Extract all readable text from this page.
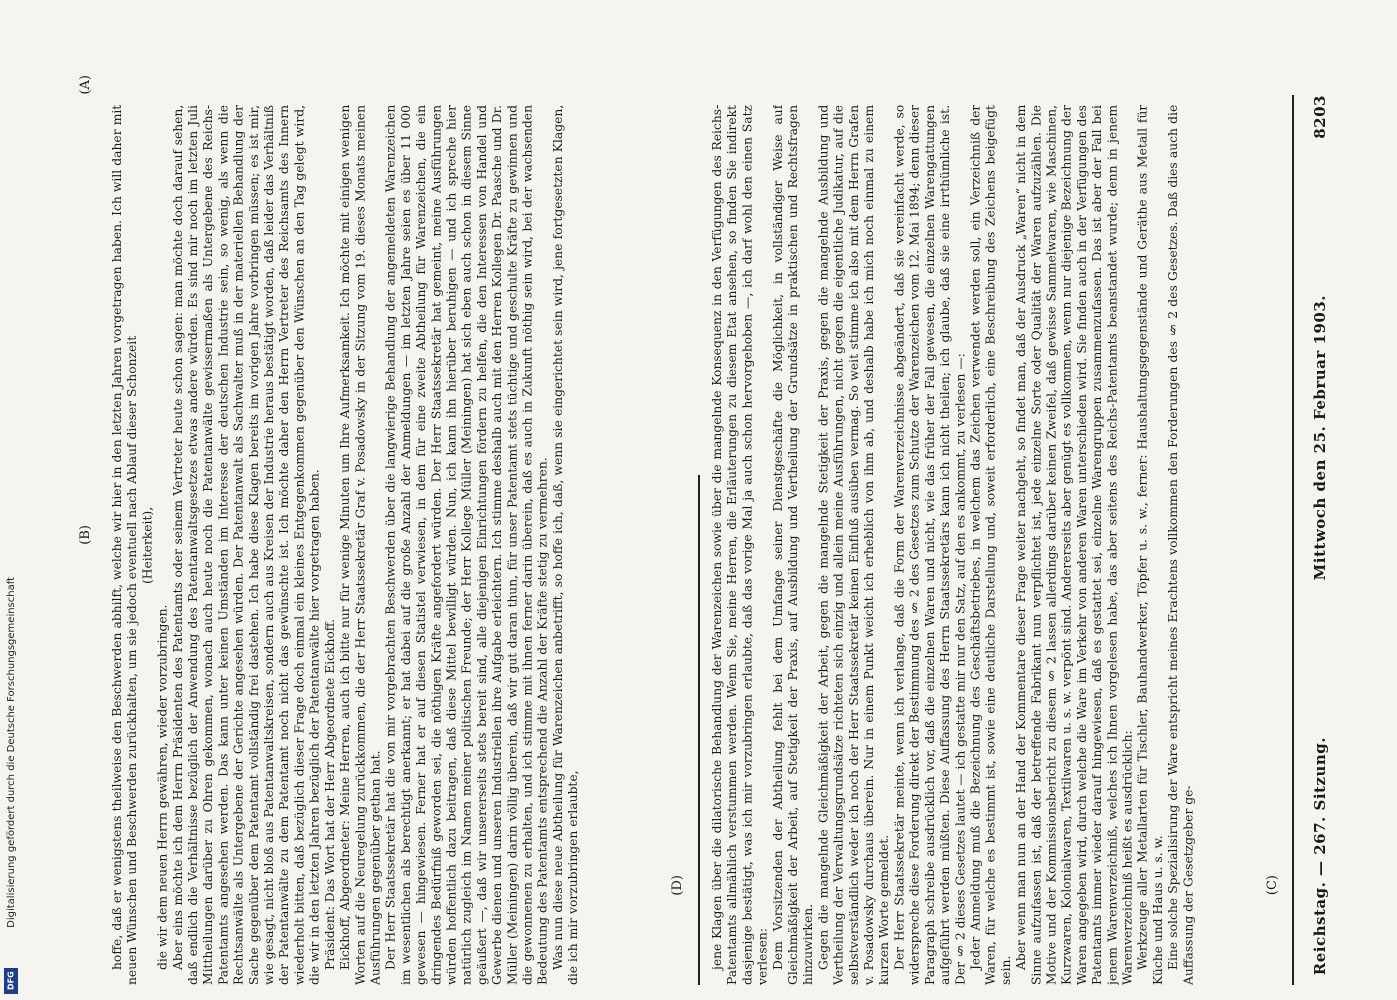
8203
Mittwoch den 25. Februar 1903.
Reichstag. — 267. Sitzung.

jene Klagen über die dilatorische Behandlung der Warenzeichen sowie über die mangelnde Konsequenz in den Verfügungen des Reichs-Patentamts allmählich verstummen werden. Wenn Sie, meine Herren, die Erläuterungen zu diesem Etat ansehen, so finden Sie indirekt dasjenige bestätigt, was ich mir vorzubringen erlaubte, daß das vorige Mal ja auch schon hervorgehoben —, ich darf wohl den einen Satz verlesen: Dem Vorsitzenden der Abtheilung fehlt bei dem Umfange seiner Dienstgeschäfte die Möglichkeit, in vollständiger Weise auf Gleichmäßigkeit der Arbeit, auf Stetigkeit der Praxis, auf Ausbildung und Vertheilung der Grundsätze in praktischen und Rechtsfragen hinzuwirken. Gegen die mangelnde Gleichmäßigkeit der Arbeit, gegen die mangelnde Stetigkeit der Praxis, gegen die mangelnde Ausbildung und Vertheilung der Verwaltungsgrundsätze richteten sich einzig und allein meine Ausführungen, nicht gegen die eigentliche Judikatur, auf die selbstverständlich weder ich noch der Herr Staatssekretär keinen Einfluß ausüben vermag. So weit stimme ich also mit dem Herrn Grafen v. Posadowsky durchaus überein. Nur in einem Punkt weicht ich erheblich von ihm ab, und deshalb habe ich mich noch einmal zu einem kurzen Worte gemeldet. Der Herr Staatssekretär meinte, wenn ich verlange, daß die Form der Warenverzeichnisse abgeändert, daß sie vereinfacht werde, so widerspreche diese Forderung direkt der Bestimmung des § 2 des Gesetzes zum Schutze der Warenzeichen vom 12. Mai 1894; denn dieser Paragraph schreibe ausdrücklich vor, daß die einzelnen Waren und nicht, wie das früher der Fall gewesen, die einzelnen Warengattungen aufgeführt werden müßten. Diese Auffassung des Herrn Staatssekretärs kann ich nicht theilen; ich glaube, daß sie eine irrthümliche ist. Der § 2 dieses Gesetzes lautet — ich gestatte mir nur den Satz, auf den es ankommt, zu verlesen —: Jeder Anmeldung muß die Bezeichnung des Geschäftsbetriebes, in welchem das Zeichen verwendet werden soll, ein Verzeichniß der Waren, für welche es bestimmt ist, sowie eine deutliche Darstellung und, soweit erforderlich, eine Beschreibung des Zeichens beigefügt sein.

Aber wenn man nun an der Hand der Kommentare dieser Frage weiter nachgeht, so findet man, daß der Ausdruck „Waren“ nicht in dem Sinne aufzufassen ist, daß der betreffende Fabrikant nun verpflichtet ist, jede einzelne Sorte oder Qualität der Waren aufzuzählen. Die Motive und der Kommissionsbericht zu diesem § 2 lassen allerdings darüber keinen Zweifel, daß gewisse Sammelwaren, wie Maschinen, Kurzwaren, Kolonialwaren, Textilwaren u. s. w. verpönt sind. Andererseits aber genügt es vollkommen, wenn nur diejenige Bezeichnung der Waren angegeben wird, durch welche die Ware im Verkehr von anderen Waren unterschieden wird. Sie finden auch in der Verfügungen des Patentamts immer wieder darauf hingewiesen, daß es gestattet sei, einzelne Warengruppen zusammenzufassen. Das ist aber der Fall bei jenem Warenverzeichniß, welches ich Ihnen vorgelesen habe, das aber seitens des Reichs-Patentamts beanstandet wurde; denn in jenem Warenverzeichniß heißt es ausdrücklich: Werkzeuge aller Metallarten für Tischler, Bauhandwerker, Töpfer u. s. w., ferner: Haushaltungsgegenstände und Geräthe aus Metall für Küche und Haus u. s. w. Eine solche Spezialisirung der Ware entspricht meines Erachtens vollkommen den Forderungen des § 2 des Gesetzes. Daß dies auch die Auffassung der Gesetzgeber ge-

hoffe, daß er wenigstens theilweise den Beschwerden abhilft, welche wir hier in den letzten Jahren vorgetragen haben. Ich will daher mit neuen Wünschen und Beschwerden zurückhalten, um sie jedoch eventuell nach Ablauf dieser Schonzeit (Heiterkeit),

die wir dem neuen Herrn gewähren, wieder vorzubringen. Aber eins möchte ich dem Herrn Präsidenten des Patentamts oder seinem Vertreter heute schon sagen: man möchte doch darauf sehen, daß endlich die Verhältnisse bezüglich der Anwendung des Patentanwaltsgesetzes etwas andere würden. Es sind mir noch im letzten Juli Mittheilungen darüber zu Ohren gekommen, wonach auch heute noch die Patentanwälte gewissermaßen als Untergebene des Reichs-Patentamts angesehen werden. Das kann unter keinen Umständen im Interesse der deutschen Industrie sein, so wenig, als wenn die Rechtsanwälte als Untergebene der Gerichte angesehen würden. Der Patentanwalt als Sachwalter muß in der materiellen Behandlung der Sache gegenüber dem Patentamt vollständig frei dastehen. Ich habe diese Klagen bereits im vorigen Jahre vorbringen müssen; es ist mir, wie gesagt, nicht bloß aus Patentanwaltskreisen, sondern auch aus Kreisen der Industrie heraus bestätigt worden, daß leider das Verhältniß der Patentanwälte zu dem Patentamt noch nicht das gewünschte ist. Ich möchte daher den Herrn Vertreter des Reichsamts des Innern wiederholt bitten, daß bezüglich dieser Frage doch einmal ein kleines Entgegenkommen gegenüber den Wünschen an den Tag gelegt wird, die wir in den letzten Jahren bezüglich der Patentanwälte hier vorgetragen haben. Präsident: Das Wort hat der Herr Abgeordnete Eickhoff. Eickhoff, Abgeordneter: Meine Herren, auch ich bitte nur für wenige Minuten um Ihre Aufmerksamkeit. Ich möchte mit einigen wenigen Worten auf die Neuregelung zurückkommen, die der Herr Staatssekretär Graf v. Posadowsky in der Sitzung vom 19. dieses Monats meinen Ausführungen gegenüber gethan hat. Der Herr Staatssekretär hat die von mir vorgebrachten Beschwerden über die langwierige Behandlung der angemeldeten Warenzeichen im wesentlichen als berechtigt anerkannt; er hat dabei auf die große Anzahl der Anmeldungen — im letzten Jahre seien es über 11 000 gewesen — hingewiesen. Ferner hat er auf diesen Statistel verwiesen, in dem für eine zweite Abtheilung für Warenzeichen, die ein dringendes Bedürfniß geworden sei, die nöthigen Kräfte angefordert würden. Der Herr Staatssekretär hat gemeint, meine Ausführungen würden hoffentlich dazu beitragen, daß diese Mittel bewilligt würden. Nun, ich kann ihn hierüber beruhigen — und ich spreche hier natürlich zugleich im Namen meiner politischen Freunde; der Herr Kollege Müller (Meiningen) hat sich eben auch schon in diesem Sinne geäußert —, daß wir unsererseits stets bereit sind, alle diejenigen Einrichtungen fördern zu helfen, die den Interessen von Handel und Gewerbe dienen und unseren Industriellen ihre Aufgabe erleichtern. Ich stimme deshalb auch mit den Herren Kollegen Dr. Paasche und Dr. Müller (Meiningen) darin völlig überein, daß wir gut daran thun, für unser Patentamt stets tüchtige und geschulte Kräfte zu gewinnen und die gewonnenen zu erhalten, und ich stimme mit ihnen ferner darin überein, daß es auch in Zukunft nöthig sein wird, bei der wachsenden Bedeutung des Patentamts entsprechend die Anzahl der Kräfte stetig zu vermehren. Was nun diese neue Abtheilung für Warenzeichen anbetrifft, so hoffe ich, daß, wenn sie eingerichtet sein wird, jene fortgesetzten Klagen, die ich mir vorzubringen erlaubte,

(A)
(B)
(C)
(D)
Digitalisierung gefördert durch die Deutsche Forschungsgemeinschaft
DFG
